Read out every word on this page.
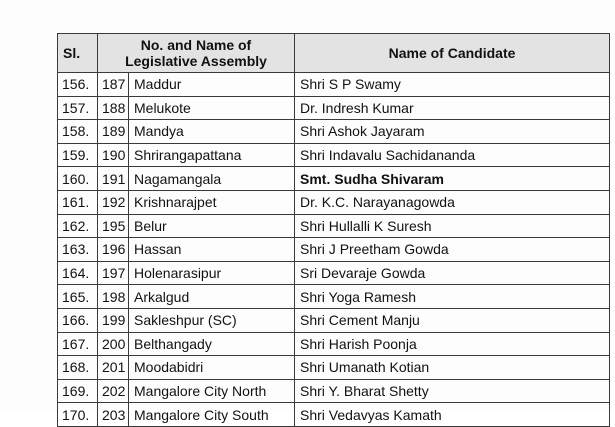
Sl.	No. and Name of
Legislative Assembly		Name of Candidate
156.	187	Maddur	Shri S P Swamy
157.	188	Melukote	Dr. Indresh Kumar
158.	189	Mandya	Shri Ashok Jayaram
159.	190	Shrirangapattana	Shri Indavalu Sachidananda
160.	191	Nagamangala	Smt. Sudha Shivaram
161.	192	Krishnarajpet	Dr. K.C. Narayanagowda
162.	195	Belur	Shri Hullalli K Suresh
163.	196	Hassan	Shri J Preetham Gowda
164.	197	Holenarasipur	Sri Devaraje Gowda
165.	198	Arkalgud	Shri Yoga Ramesh
166.	199	Sakleshpur (SC)	Shri Cement Manju
167.	200	Belthangady	Shri Harish Poonja
168.	201	Moodabidri	Shri Umanath Kotian
169.	202	Mangalore City North	Shri Y. Bharat Shetty
170.	203	Mangalore City South	Shri Vedavyas Kamath
